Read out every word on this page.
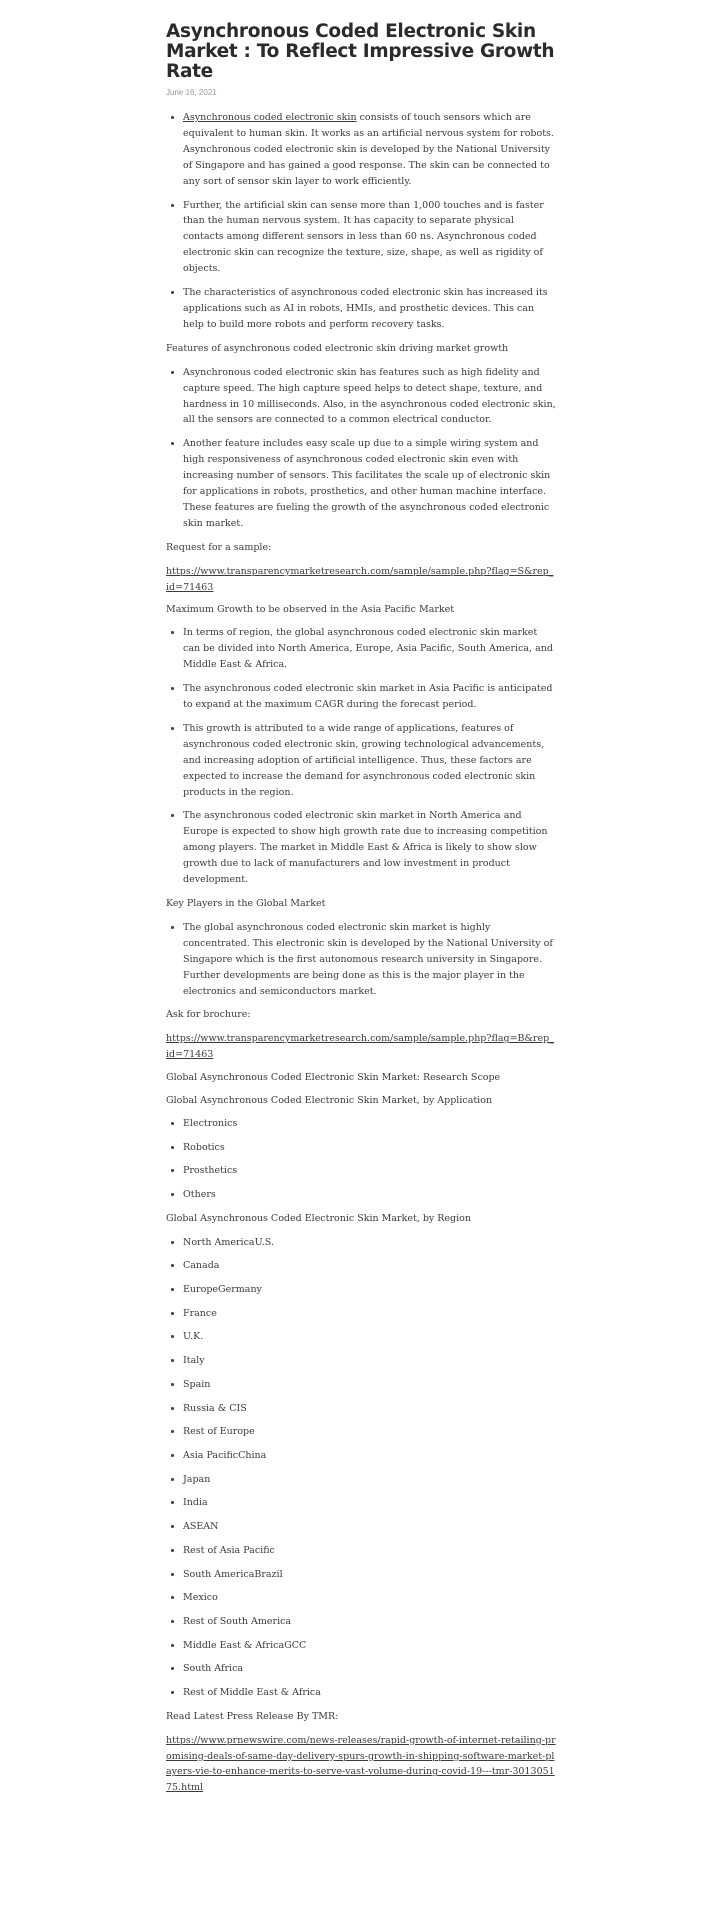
Asynchronous Coded Electronic Skin Market : To Reflect Impressive Growth Rate
June 16, 2021
• Asynchronous coded electronic skin consists of touch sensors which are equivalent to human skin. It works as an artificial nervous system for robots. Asynchronous coded electronic skin is developed by the National University of Singapore and has gained a good response. The skin can be connected to any sort of sensor skin layer to work efficiently.
• Further, the artificial skin can sense more than 1,000 touches and is faster than the human nervous system. It has capacity to separate physical contacts among different sensors in less than 60 ns. Asynchronous coded electronic skin can recognize the texture, size, shape, as well as rigidity of objects.
• The characteristics of asynchronous coded electronic skin has increased its applications such as AI in robots, HMIs, and prosthetic devices. This can help to build more robots and perform recovery tasks.

Features of asynchronous coded electronic skin driving market growth

• Asynchronous coded electronic skin has features such as high fidelity and capture speed. The high capture speed helps to detect shape, texture, and hardness in 10 milliseconds. Also, in the asynchronous coded electronic skin, all the sensors are connected to a common electrical conductor.
• Another feature includes easy scale up due to a simple wiring system and high responsiveness of asynchronous coded electronic skin even with increasing number of sensors. This facilitates the scale up of electronic skin for applications in robots, prosthetics, and other human machine interface. These features are fueling the growth of the asynchronous coded electronic skin market.

Request for a sample:

https://www.transparencymarketresearch.com/sample/sample.php?flag=S&rep_id=71463

Maximum Growth to be observed in the Asia Pacific Market

• In terms of region, the global asynchronous coded electronic skin market can be divided into North America, Europe, Asia Pacific, South America, and Middle East & Africa.
• The asynchronous coded electronic skin market in Asia Pacific is anticipated to expand at the maximum CAGR during the forecast period.
• This growth is attributed to a wide range of applications, features of asynchronous coded electronic skin, growing technological advancements, and increasing adoption of artificial intelligence. Thus, these factors are expected to increase the demand for asynchronous coded electronic skin products in the region.
• The asynchronous coded electronic skin market in North America and Europe is expected to show high growth rate due to increasing competition among players. The market in Middle East & Africa is likely to show slow growth due to lack of manufacturers and low investment in product development.

Key Players in the Global Market

• The global asynchronous coded electronic skin market is highly concentrated. This electronic skin is developed by the National University of Singapore which is the first autonomous research university in Singapore. Further developments are being done as this is the major player in the electronics and semiconductors market.

Ask for brochure:

https://www.transparencymarketresearch.com/sample/sample.php?flag=B&rep_id=71463

Global Asynchronous Coded Electronic Skin Market: Research Scope

Global Asynchronous Coded Electronic Skin Market, by Application

• Electronics
• Robotics
• Prosthetics
• Others

Global Asynchronous Coded Electronic Skin Market, by Region

• North AmericaU.S.
• Canada
• EuropeGermany
• France
• U.K.
• Italy
• Spain
• Russia & CIS
• Rest of Europe
• Asia PacificChina
• Japan
• India
• ASEAN
• Rest of Asia Pacific
• South AmericaBrazil
• Mexico
• Rest of South America
• Middle East & AfricaGCC
• South Africa
• Rest of Middle East & Africa

Read Latest Press Release By TMR:

https://www.prnewswire.com/news-releases/rapid-growth-of-internet-retailing-promising-deals-of-same-day-delivery-spurs-growth-in-shipping-software-market-players-vie-to-enhance-merits-to-serve-vast-volume-during-covid-19---tmr-301305175.html
